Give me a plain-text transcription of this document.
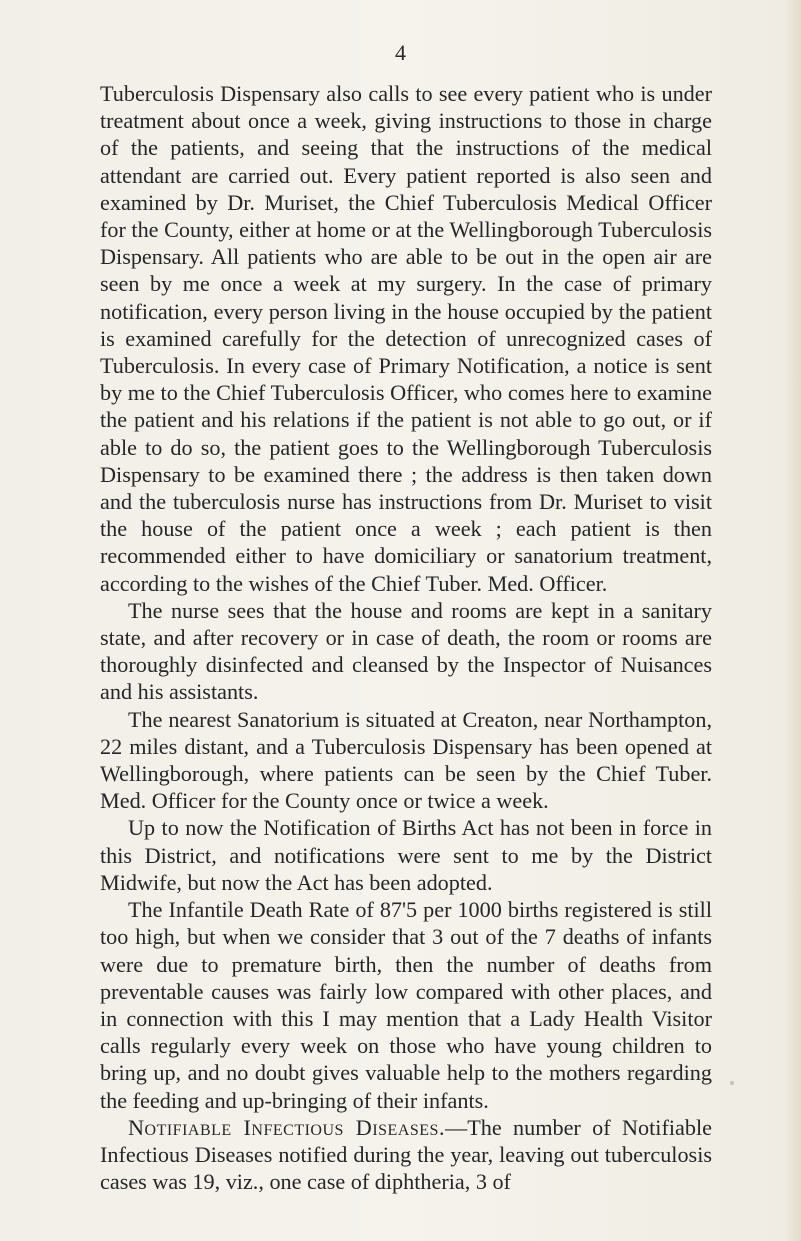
4

Tuberculosis Dispensary also calls to see every patient who is under treatment about once a week, giving instructions to those in charge of the patients, and seeing that the instructions of the medical attendant are carried out. Every patient reported is also seen and examined by Dr. Muriset, the Chief Tuberculosis Medical Officer for the County, either at home or at the Wellingborough Tuberculosis Dispensary. All patients who are able to be out in the open air are seen by me once a week at my surgery. In the case of primary notification, every person living in the house occupied by the patient is examined carefully for the detection of unrecognized cases of Tuberculosis. In every case of Primary Notification, a notice is sent by me to the Chief Tuberculosis Officer, who comes here to examine the patient and his relations if the patient is not able to go out, or if able to do so, the patient goes to the Wellingborough Tuberculosis Dispensary to be examined there ; the address is then taken down and the tuberculosis nurse has instructions from Dr. Muriset to visit the house of the patient once a week ; each patient is then recommended either to have domiciliary or sanatorium treatment, according to the wishes of the Chief Tuber. Med. Officer.

The nurse sees that the house and rooms are kept in a sanitary state, and after recovery or in case of death, the room or rooms are thoroughly disinfected and cleansed by the Inspector of Nuisances and his assistants.

The nearest Sanatorium is situated at Creaton, near Northampton, 22 miles distant, and a Tuberculosis Dispensary has been opened at Wellingborough, where patients can be seen by the Chief Tuber. Med. Officer for the County once or twice a week.

Up to now the Notification of Births Act has not been in force in this District, and notifications were sent to me by the District Midwife, but now the Act has been adopted.

The Infantile Death Rate of 87'5 per 1000 births registered is still too high, but when we consider that 3 out of the 7 deaths of infants were due to premature birth, then the number of deaths from preventable causes was fairly low compared with other places, and in connection with this I may mention that a Lady Health Visitor calls regularly every week on those who have young children to bring up, and no doubt gives valuable help to the mothers regarding the feeding and up-bringing of their infants.

Notifiable Infectious Diseases.—The number of Notifiable Infectious Diseases notified during the year, leaving out tuberculosis cases was 19, viz., one case of diphtheria, 3 of
